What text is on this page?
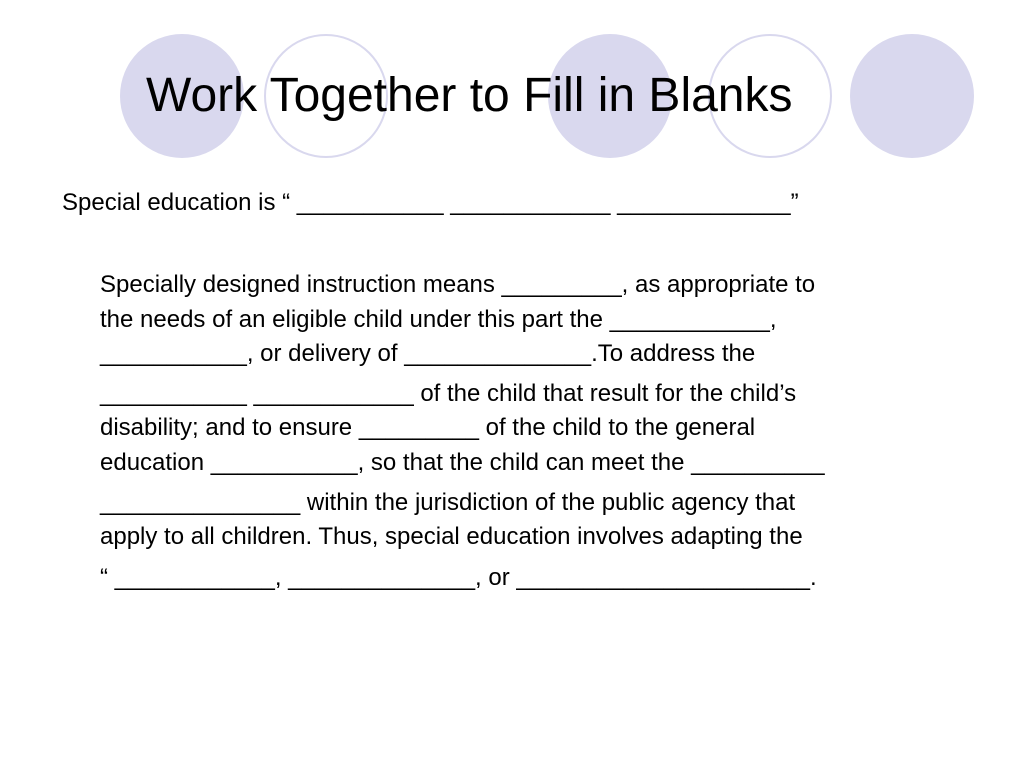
Work Together to Fill in Blanks

Special education is “ ___________ ____________ _____________”

Specially designed instruction means _________, as appropriate to
the needs of an eligible child under this part the ____________,
___________, or delivery of ______________.To address the
___________ ____________ of the child that result for the child’s
disability; and to ensure _________ of the child to the general
education ___________, so that the child can meet the __________
_______________ within the jurisdiction of the public agency that
apply to all children. Thus, special education involves adapting the
“ ____________, ______________, or ______________________.
